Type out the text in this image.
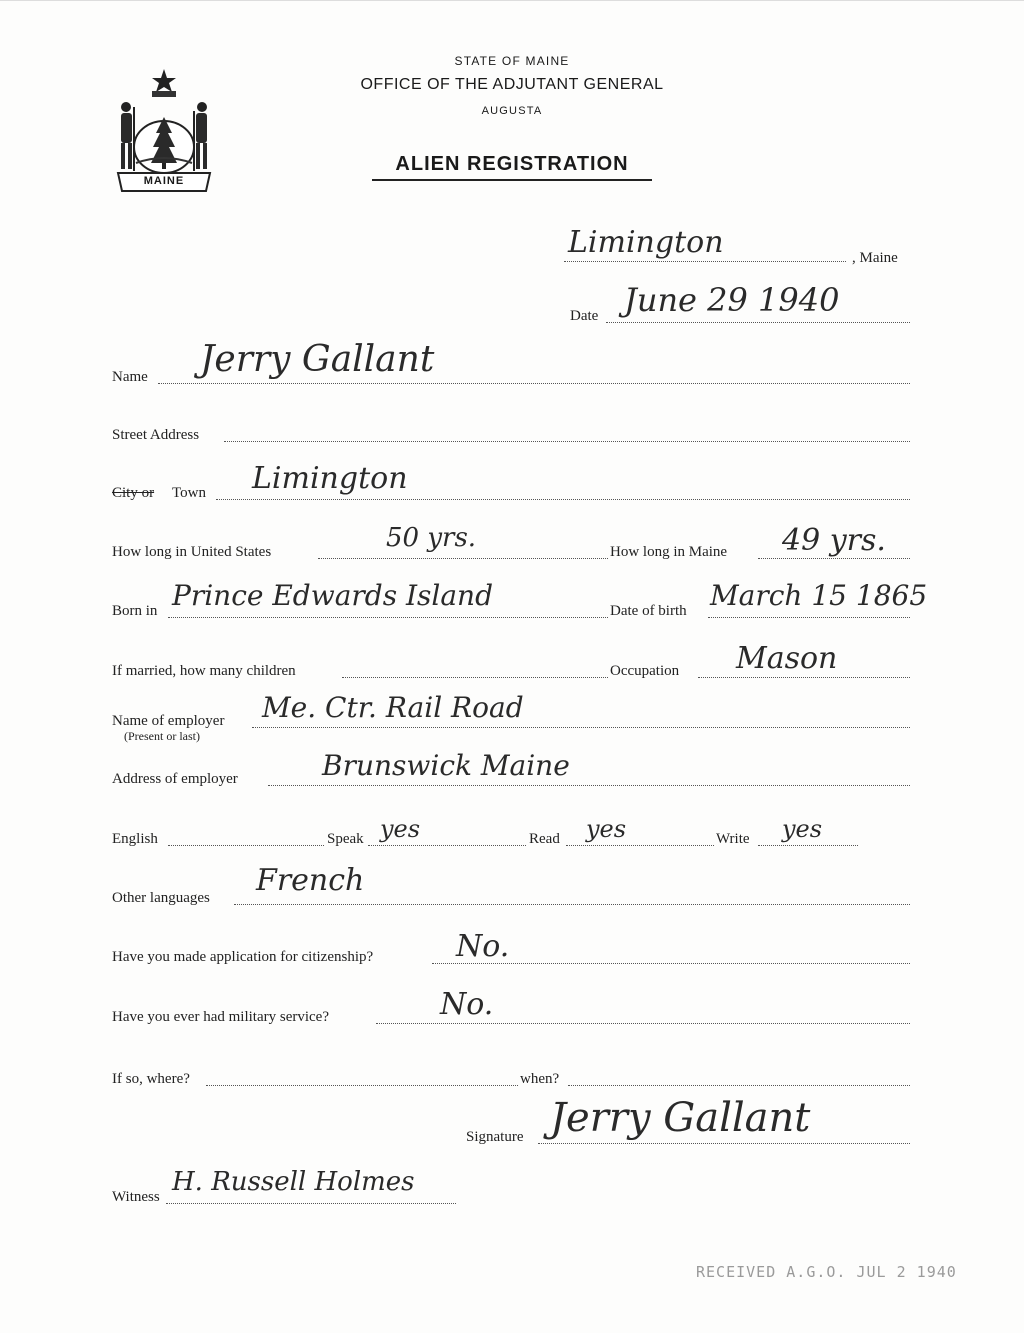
MAINE
STATE OF MAINE
OFFICE OF THE ADJUTANT GENERAL
AUGUSTA
ALIEN REGISTRATION
Limington	, Maine
Date June 29 1940
Name Jerry Gallant
Street Address
City or Town Limington
How long in United States	50 yrs.	How long in Maine 49 yrs.
Born in Prince Edwards Island	Date of birth March 15 1865
If married, how many children	Occupation Mason
Name of employer
(Present or last)
Me. Ctr. Rail Road
Address of employer	Brunswick Maine
English	Speak yes	Read yes	Write yes
Other languages French
Have you made application for citizenship?	No.
Have you ever had military service?	No.
If so, where?	when?
Signature Jerry Gallant
Witness H. Russell Holmes
RECEIVED A.G.O. JUL 2 1940
